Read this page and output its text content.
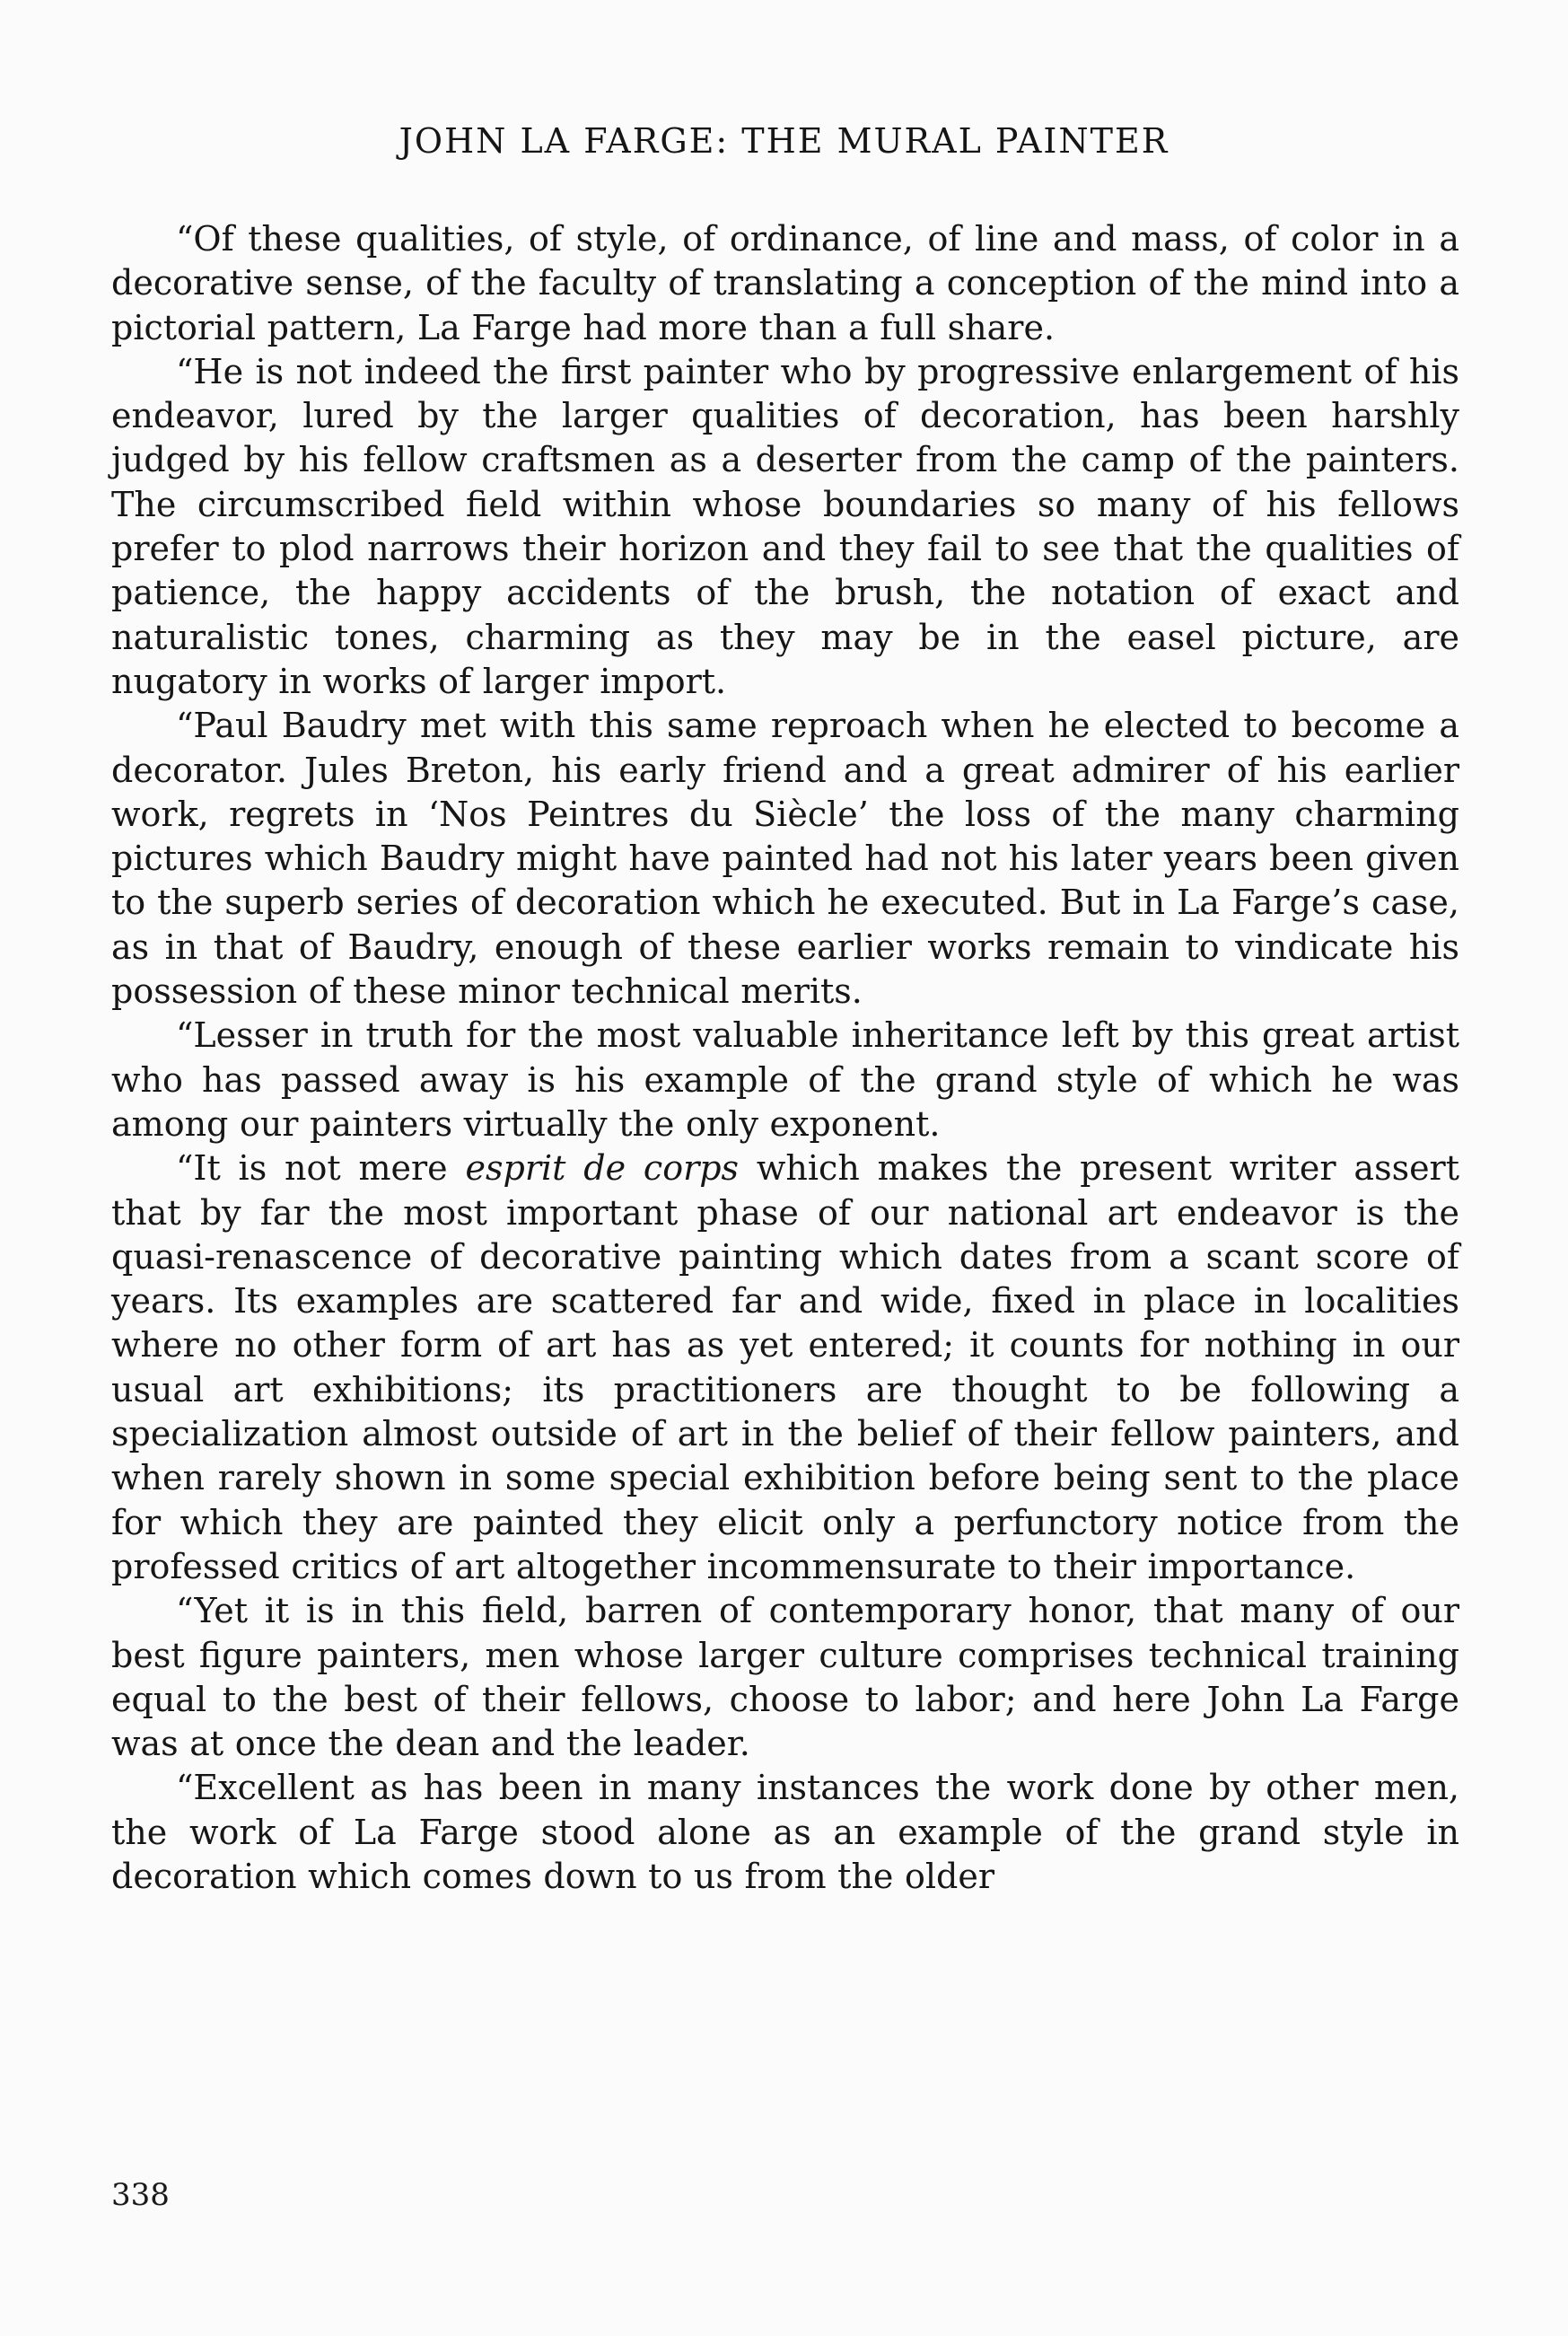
JOHN LA FARGE: THE MURAL PAINTER

“Of these qualities, of style, of ordinance, of line and mass, of color in a decorative sense, of the faculty of translating a conception of the mind into a pictorial pattern, La Farge had more than a full share.

“He is not indeed the first painter who by progressive enlargement of his endeavor, lured by the larger qualities of decoration, has been harshly judged by his fellow craftsmen as a deserter from the camp of the painters. The circumscribed field within whose boundaries so many of his fellows prefer to plod narrows their horizon and they fail to see that the qualities of patience, the happy accidents of the brush, the notation of exact and naturalistic tones, charming as they may be in the easel picture, are nugatory in works of larger import.

“Paul Baudry met with this same reproach when he elected to become a decorator. Jules Breton, his early friend and a great admirer of his earlier work, regrets in ‘Nos Peintres du Siècle’ the loss of the many charming pictures which Baudry might have painted had not his later years been given to the superb series of decoration which he executed. But in La Farge’s case, as in that of Baudry, enough of these earlier works remain to vindicate his possession of these minor technical merits.

“Lesser in truth for the most valuable inheritance left by this great artist who has passed away is his example of the grand style of which he was among our painters virtually the only exponent.

“It is not mere esprit de corps which makes the present writer assert that by far the most important phase of our national art endeavor is the quasi-renascence of decorative painting which dates from a scant score of years. Its examples are scattered far and wide, fixed in place in localities where no other form of art has as yet entered; it counts for nothing in our usual art exhibitions; its practitioners are thought to be following a specialization almost outside of art in the belief of their fellow painters, and when rarely shown in some special exhibition before being sent to the place for which they are painted they elicit only a perfunctory notice from the professed critics of art altogether incommensurate to their importance.

“Yet it is in this field, barren of contemporary honor, that many of our best figure painters, men whose larger culture comprises technical training equal to the best of their fellows, choose to labor; and here John La Farge was at once the dean and the leader.

“Excellent as has been in many instances the work done by other men, the work of La Farge stood alone as an example of the grand style in decoration which comes down to us from the older

338
